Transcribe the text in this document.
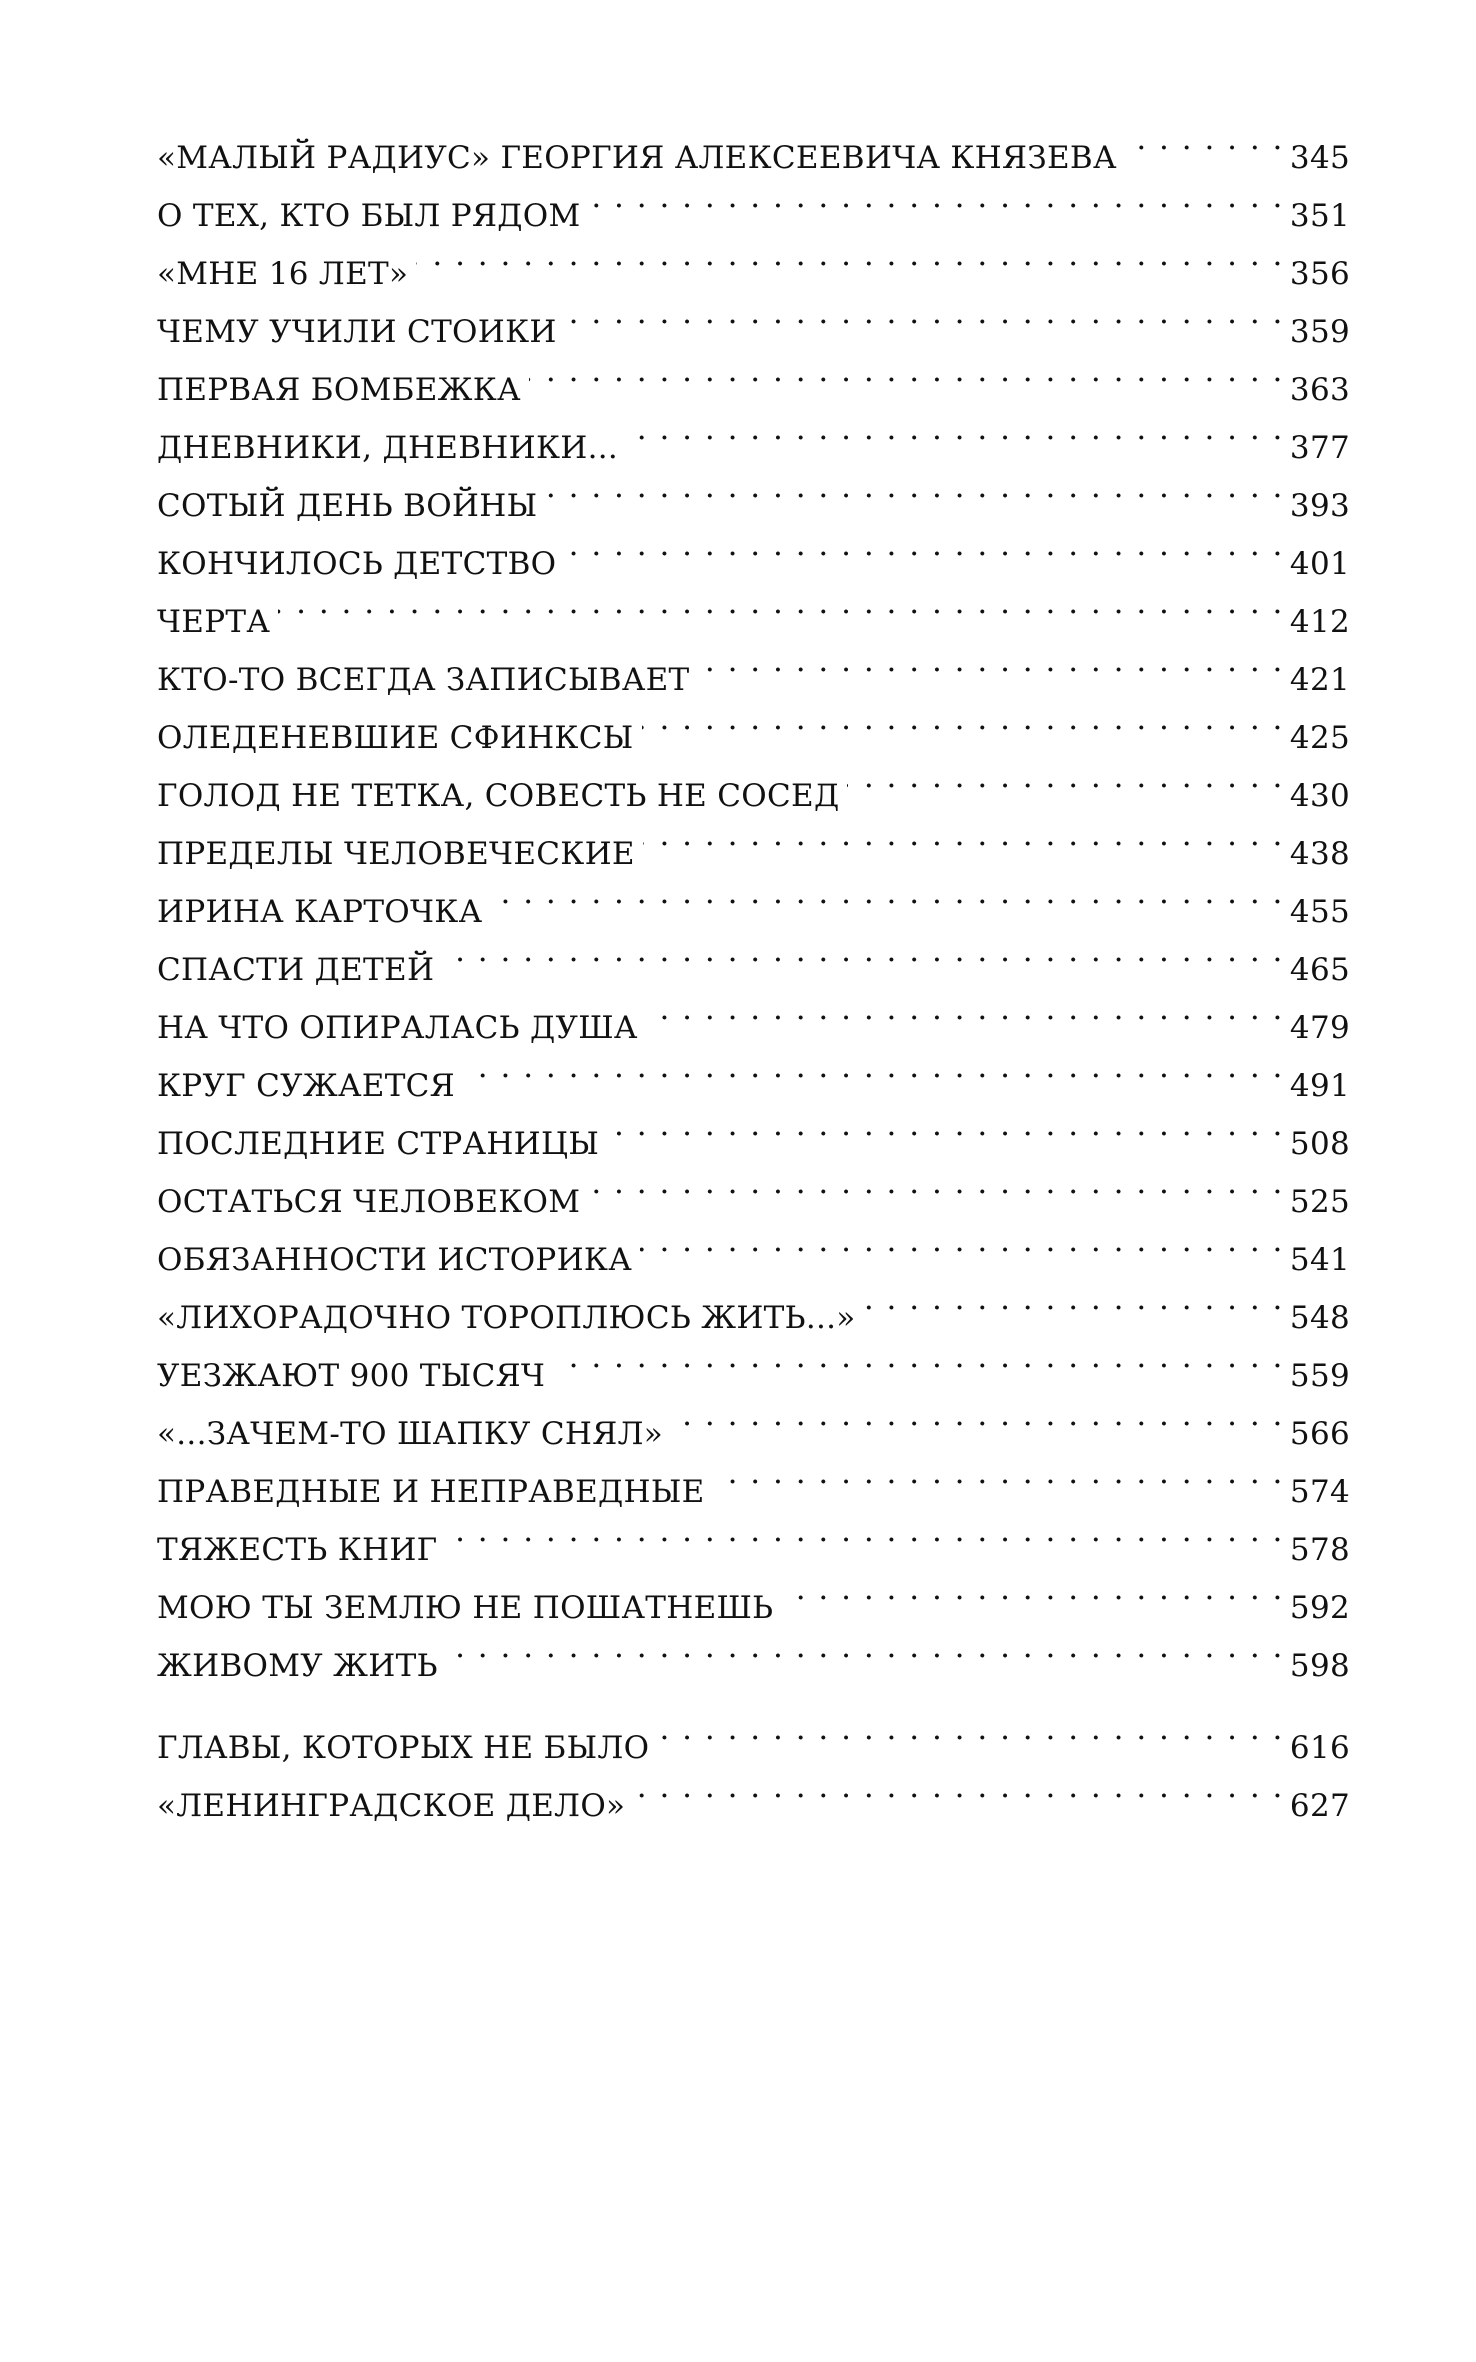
«МАЛЫЙ РАДИУС» ГЕОРГИЯ АЛЕКСЕЕВИЧА КНЯЗЕВА . . .	345
О ТЕХ, КТО БЫЛ РЯДОМ . . .	351
«МНЕ 16 ЛЕТ» . . .	356
ЧЕМУ УЧИЛИ СТОИКИ . . .	359
ПЕРВАЯ БОМБЕЖКА . . .	363
ДНЕВНИКИ, ДНЕВНИКИ... . . .	377
СОТЫЙ ДЕНЬ ВОЙНЫ . . .	393
КОНЧИЛОСЬ ДЕТСТВО . . .	401
ЧЕРТА . . .	412
КТО-ТО ВСЕГДА ЗАПИСЫВАЕТ . . .	421
ОЛЕДЕНЕВШИЕ СФИНКСЫ . . .	425
ГОЛОД НЕ ТЕТКА, СОВЕСТЬ НЕ СОСЕД . . .	430
ПРЕДЕЛЫ ЧЕЛОВЕЧЕСКИЕ . . .	438
ИРИНА КАРТОЧКА . . .	455
СПАСТИ ДЕТЕЙ . . .	465
НА ЧТО ОПИРАЛАСЬ ДУША . . .	479
КРУГ СУЖАЕТСЯ . . .	491
ПОСЛЕДНИЕ СТРАНИЦЫ . . .	508
ОСТАТЬСЯ ЧЕЛОВЕКОМ . . .	525
ОБЯЗАННОСТИ ИСТОРИКА . . .	541
«ЛИХОРАДОЧНО ТОРОПЛЮСЬ ЖИТЬ...» . . .	548
УЕЗЖАЮТ 900 ТЫСЯЧ . . .	559
«...ЗАЧЕМ-ТО ШАПКУ СНЯЛ» . . .	566
ПРАВЕДНЫЕ И НЕПРАВЕДНЫЕ . . .	574
ТЯЖЕСТЬ КНИГ . . .	578
МОЮ ТЫ ЗЕМЛЮ НЕ ПОШАТНЕШЬ . . .	592
ЖИВОМУ ЖИТЬ . . .	598
ГЛАВЫ, КОТОРЫХ НЕ БЫЛО . . .	616
«ЛЕНИНГРАДСКОЕ ДЕЛО» . . .	627
